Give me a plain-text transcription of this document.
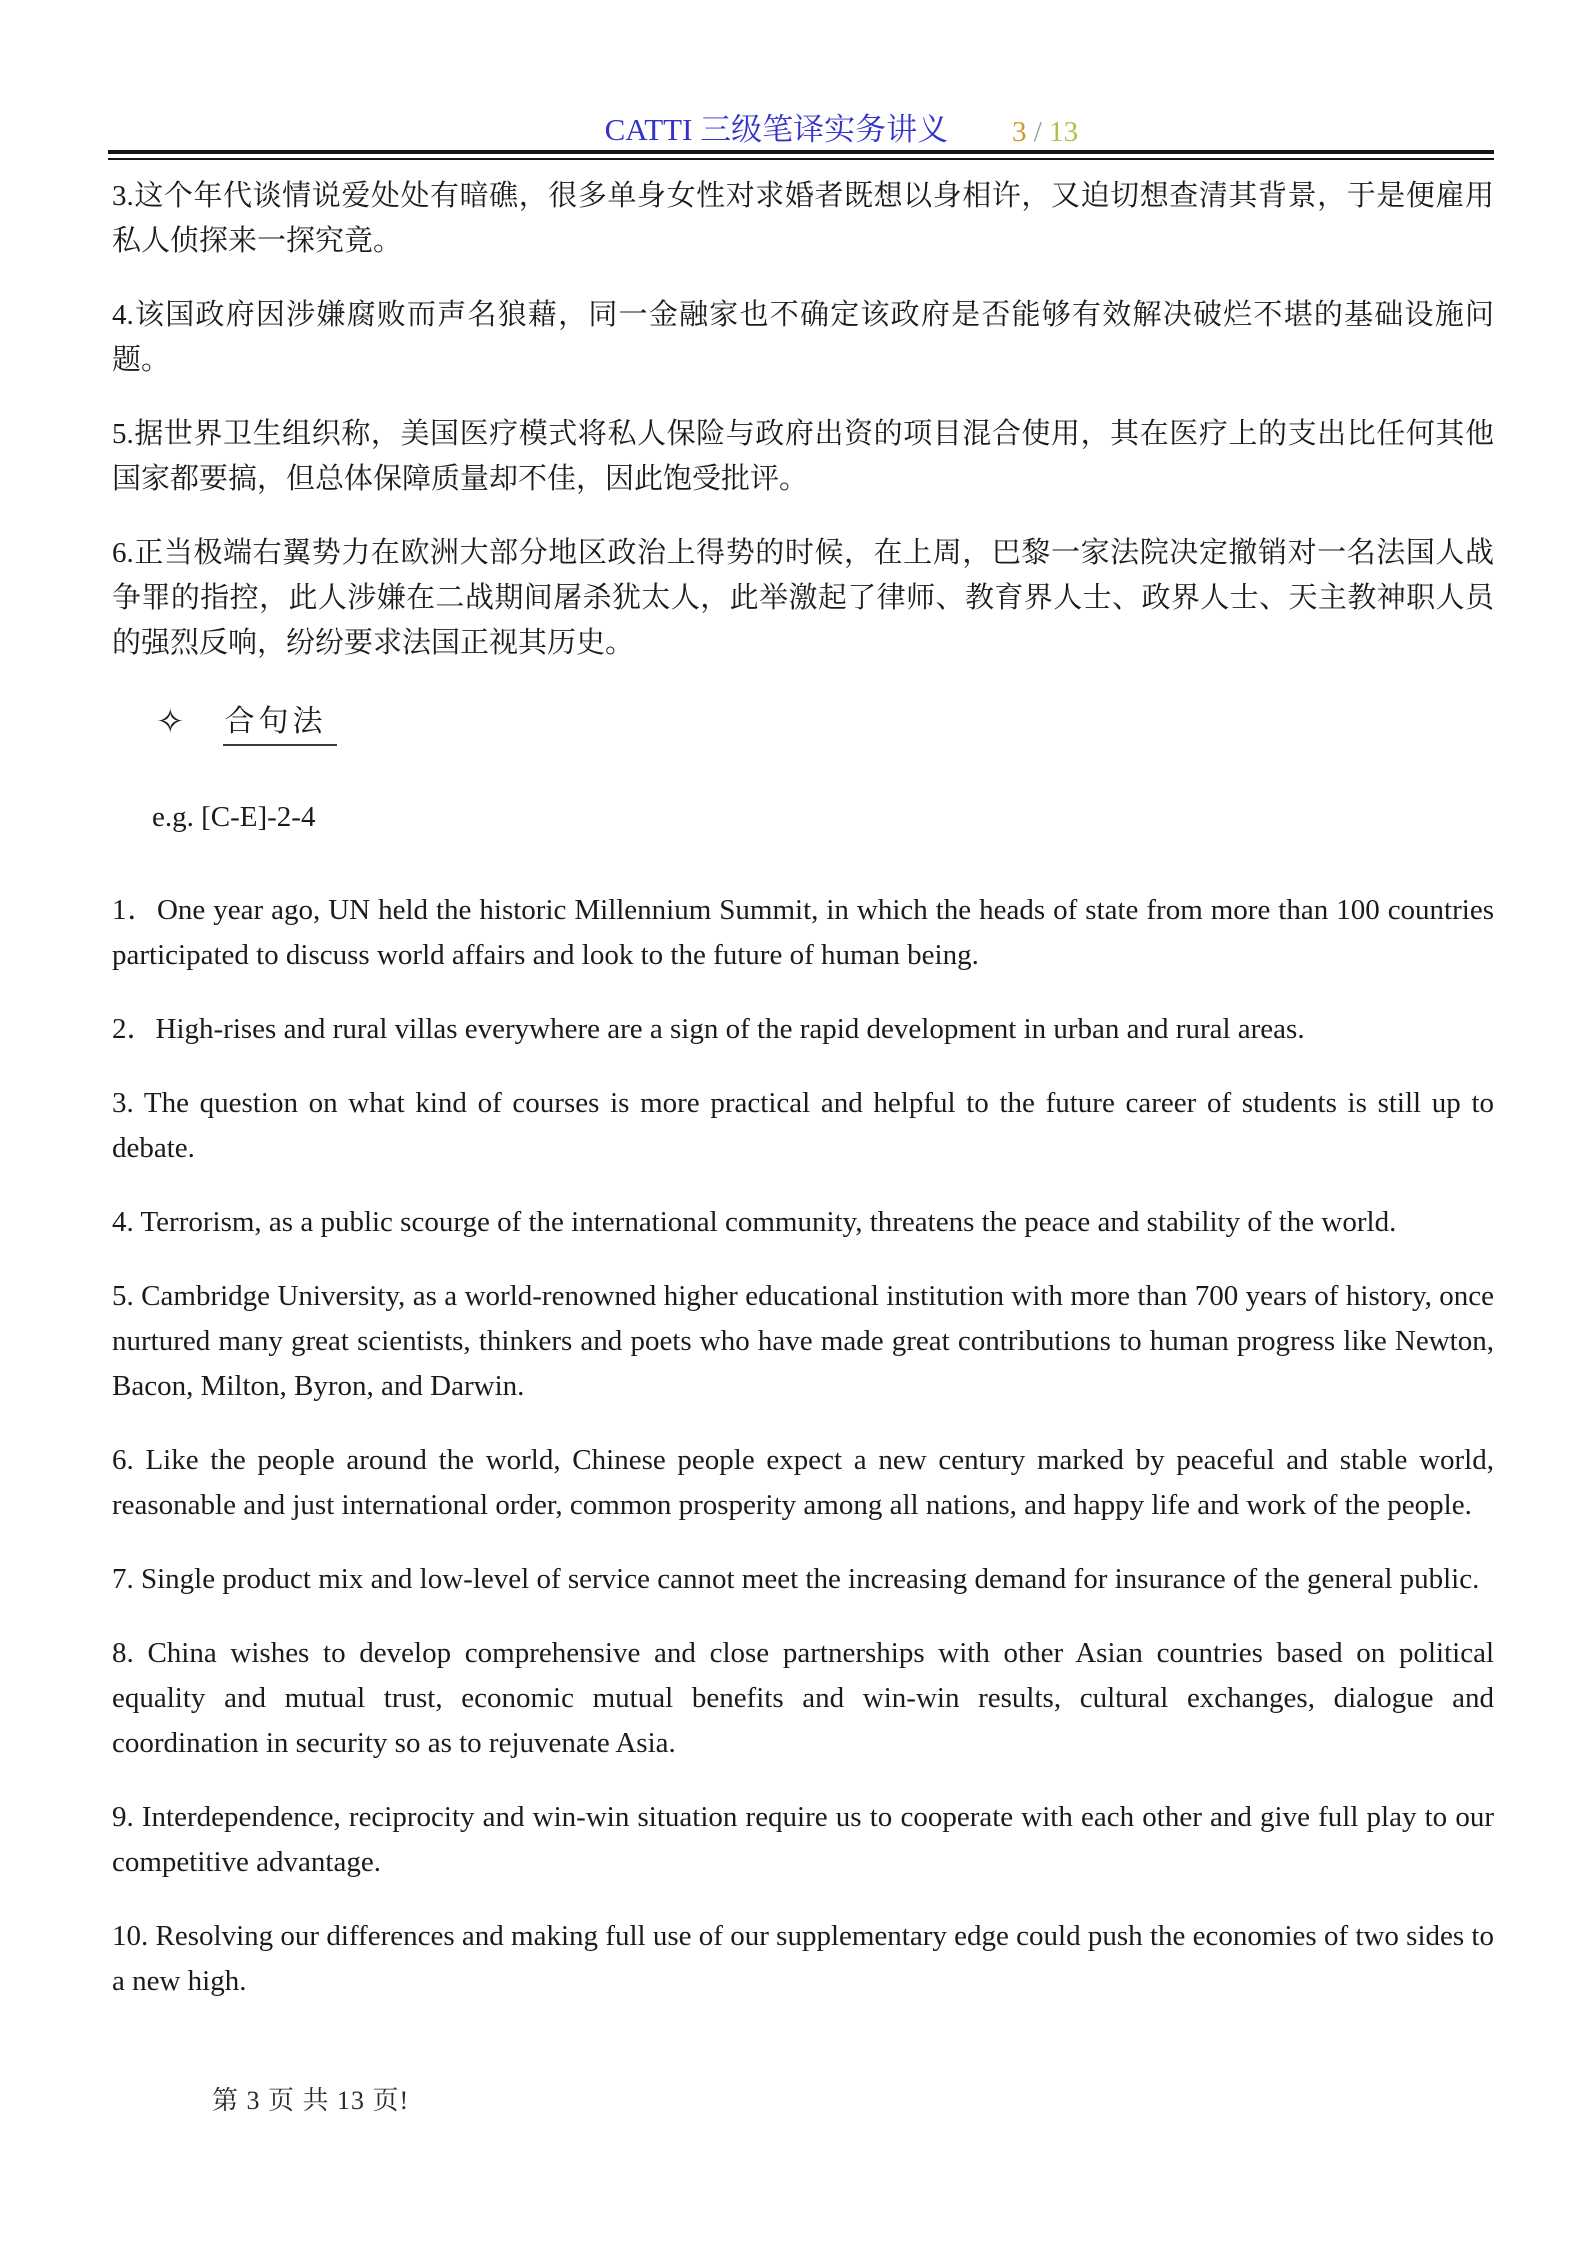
CATTI 三级笔译实务讲义 3 / 13

3.这个年代谈情说爱处处有暗礁，很多单身女性对求婚者既想以身相许，又迫切想查清其背景，于是便雇用私人侦探来一探究竟。

4.该国政府因涉嫌腐败而声名狼藉，同一金融家也不确定该政府是否能够有效解决破烂不堪的基础设施问题。

5.据世界卫生组织称，美国医疗模式将私人保险与政府出资的项目混合使用，其在医疗上的支出比任何其他国家都要搞，但总体保障质量却不佳，因此饱受批评。

6.正当极端右翼势力在欧洲大部分地区政治上得势的时候，在上周，巴黎一家法院决定撤销对一名法国人战争罪的指控，此人涉嫌在二战期间屠杀犹太人，此举激起了律师、教育界人士、政界人士、天主教神职人员的强烈反响，纷纷要求法国正视其历史。

✧ 合句法

e.g. [C-E]-2-4

1．One year ago, UN held the historic Millennium Summit, in which the heads of state from more than 100 countries participated to discuss world affairs and look to the future of human being.

2．High-rises and rural villas everywhere are a sign of the rapid development in urban and rural areas.

3. The question on what kind of courses is more practical and helpful to the future career of students is still up to debate.

4. Terrorism, as a public scourge of the international community, threatens the peace and stability of the world.

5. Cambridge University, as a world-renowned higher educational institution with more than 700 years of history, once nurtured many great scientists, thinkers and poets who have made great contributions to human progress like Newton, Bacon, Milton, Byron, and Darwin.

6. Like the people around the world, Chinese people expect a new century marked by peaceful and stable world, reasonable and just international order, common prosperity among all nations, and happy life and work of the people.

7. Single product mix and low-level of service cannot meet the increasing demand for insurance of the general public.

8. China wishes to develop comprehensive and close partnerships with other Asian countries based on political equality and mutual trust, economic mutual benefits and win-win results, cultural exchanges, dialogue and coordination in security so as to rejuvenate Asia.

9. Interdependence, reciprocity and win-win situation require us to cooperate with each other and give full play to our competitive advantage.

10. Resolving our differences and making full use of our supplementary edge could push the economies of two sides to a new high.

第 3 页 共 13 页!
